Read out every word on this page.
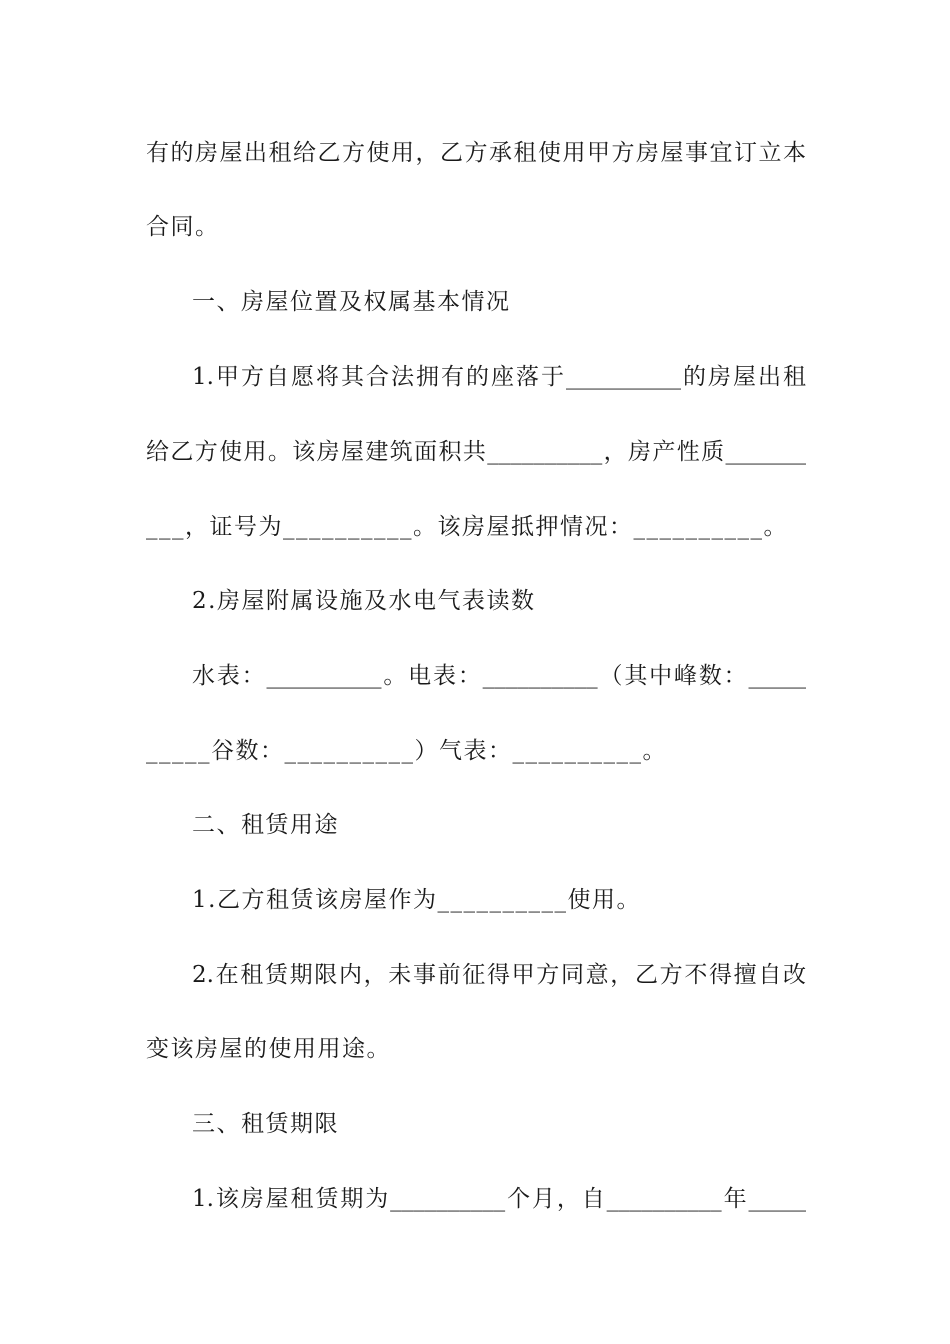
有的房屋出租给乙方使用，乙方承租使用甲方房屋事宜订立本
合同。
一、房屋位置及权属基本情况
1.甲方自愿将其合法拥有的座落于__________的房屋出租
给乙方使用。该房屋建筑面积共__________，房产性质_______
___，证号为__________。该房屋抵押情况：__________。
2.房屋附属设施及水电气表读数
水表：__________。电表：__________（其中峰数：_____
_____谷数：__________）气表：__________。
二、租赁用途
1.乙方租赁该房屋作为__________使用。
2.在租赁期限内，未事前征得甲方同意，乙方不得擅自改
变该房屋的使用用途。
三、租赁期限
1.该房屋租赁期为__________个月，自__________年_____
